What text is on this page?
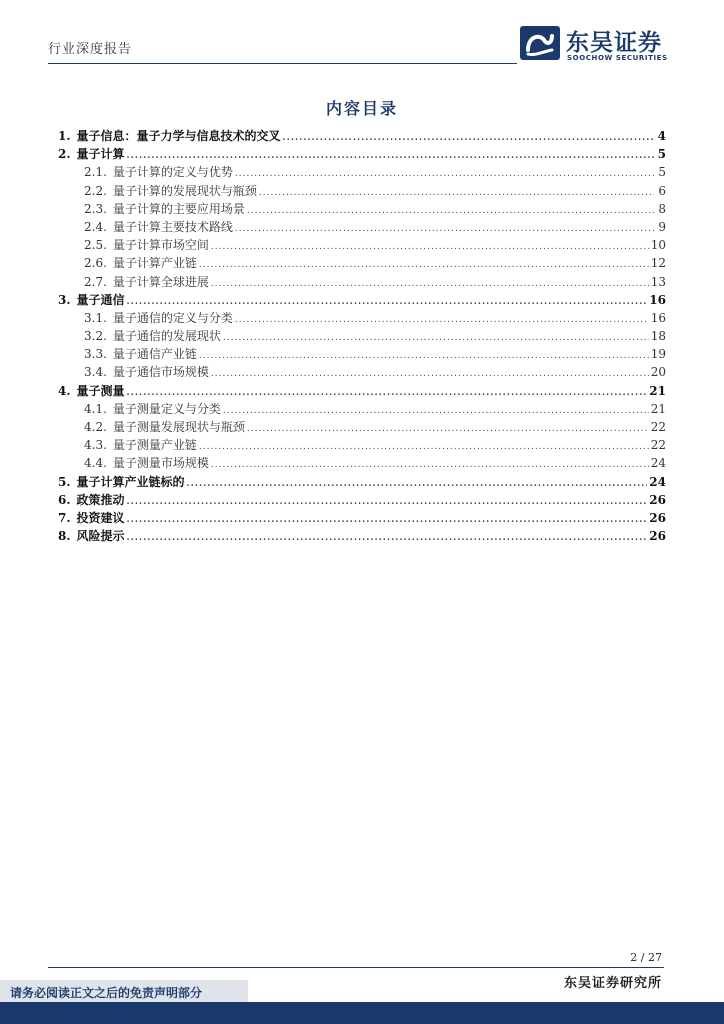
行业深度报告	东吴证券
SOOCHOW SECURITIES
内容目录
1. 量子信息：量子力学与信息技术的交叉 .....	4
2. 量子计算 .....	5
2.1. 量子计算的定义与优势 .....	5
2.2. 量子计算的发展现状与瓶颈 .....	6
2.3. 量子计算的主要应用场景 .....	8
2.4. 量子计算主要技术路线 .....	9
2.5. 量子计算市场空间 .....	10
2.6. 量子计算产业链 .....	12
2.7. 量子计算全球进展 .....	13
3. 量子通信 .....	16
3.1. 量子通信的定义与分类 .....	16
3.2. 量子通信的发展现状 .....	18
3.3. 量子通信产业链 .....	19
3.4. 量子通信市场规模 .....	20
4. 量子测量 .....	21
4.1. 量子测量定义与分类 .....	21
4.2. 量子测量发展现状与瓶颈 .....	22
4.3. 量子测量产业链 .....	22
4.4. 量子测量市场规模 .....	24
5. 量子计算产业链标的 .....	24
6. 政策推动 .....	26
7. 投资建议 .....	26
8. 风险提示 .....	26
2 / 27
东吴证券研究所
请务必阅读正文之后的免责声明部分
